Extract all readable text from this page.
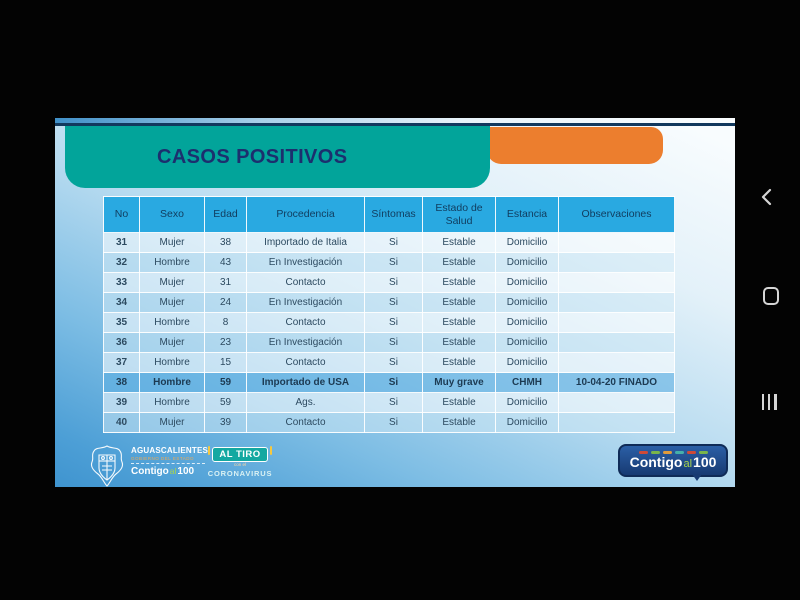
CASOS POSITIVOS
No	Sexo	Edad	Procedencia	Síntomas	Estado de Salud	Estancia	Observaciones
31	Mujer	38	Importado de Italia	Si	Estable	Domicilio	
32	Hombre	43	En Investigación	Si	Estable	Domicilio	
33	Mujer	31	Contacto	Si	Estable	Domicilio	
34	Mujer	24	En Investigación	Si	Estable	Domicilio	
35	Hombre	8	Contacto	Si	Estable	Domicilio	
36	Mujer	23	En Investigación	Si	Estable	Domicilio	
37	Hombre	15	Contacto	Si	Estable	Domicilio	
38	Hombre	59	Importado de USA	Si	Muy grave	CHMH	10-04-20 FINADO
39	Hombre	59	Ags.	Si	Estable	Domicilio	
40	Mujer	39	Contacto	Si	Estable	Domicilio	
AGUASCALIENTES
GOBIERNO DEL ESTADO
Contigoal100
AL TIRO
con el
CORONAVIRUS
Contigoal100
